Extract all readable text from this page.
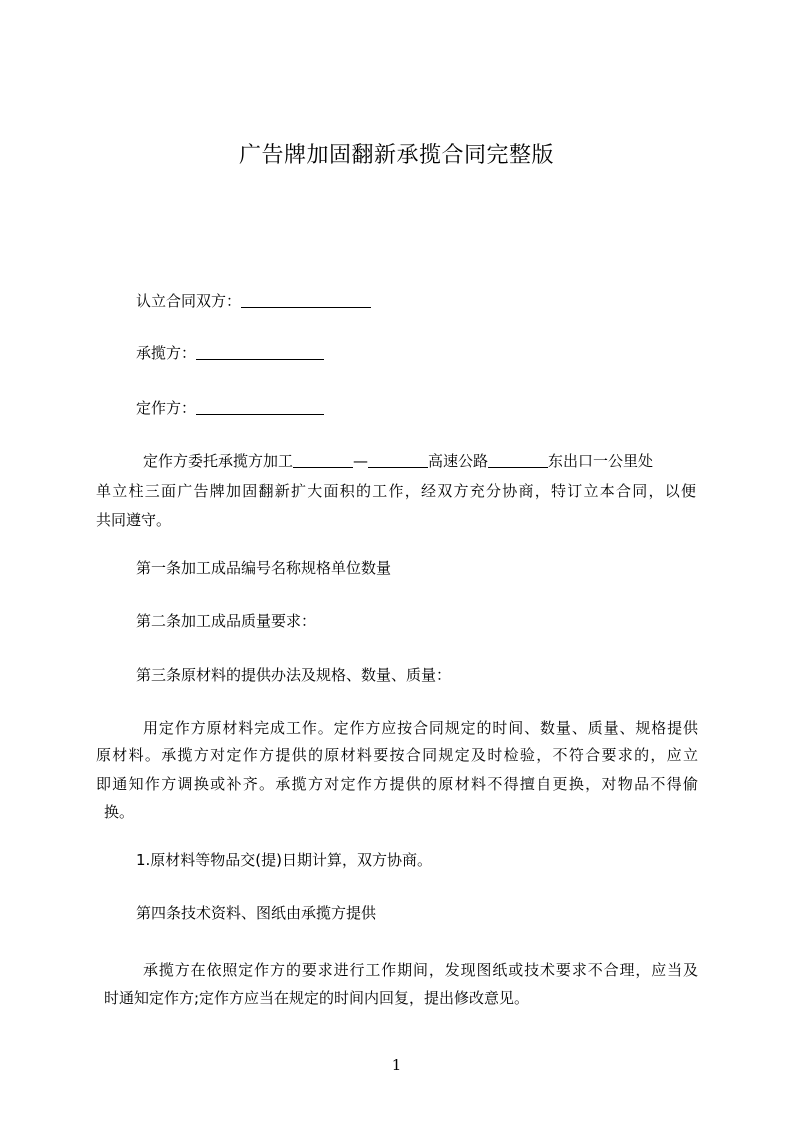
广告牌加固翻新承揽合同完整版
认立合同双方：
承揽方：
定作方：
定作方委托承揽方加工	—	高速公路	东出口一公里处
单立柱三面广告牌加固翻新扩大面积的工作，经双方充分协商，特订立本合同，以便
共同遵守。
第一条加工成品编号名称规格单位数量
第二条加工成品质量要求：
第三条原材料的提供办法及规格、数量、质量：
用定作方原材料完成工作。定作方应按合同规定的时间、数量、质量、规格提供
原材料。承揽方对定作方提供的原材料要按合同规定及时检验，不符合要求的，应立
即通知作方调换或补齐。承揽方对定作方提供的原材料不得擅自更换，对物品不得偷
换。
1.原材料等物品交(提)日期计算，双方协商。
第四条技术资料、图纸由承揽方提供
承揽方在依照定作方的要求进行工作期间，发现图纸或技术要求不合理，应当及
时通知定作方;定作方应当在规定的时间内回复，提出修改意见。
1
